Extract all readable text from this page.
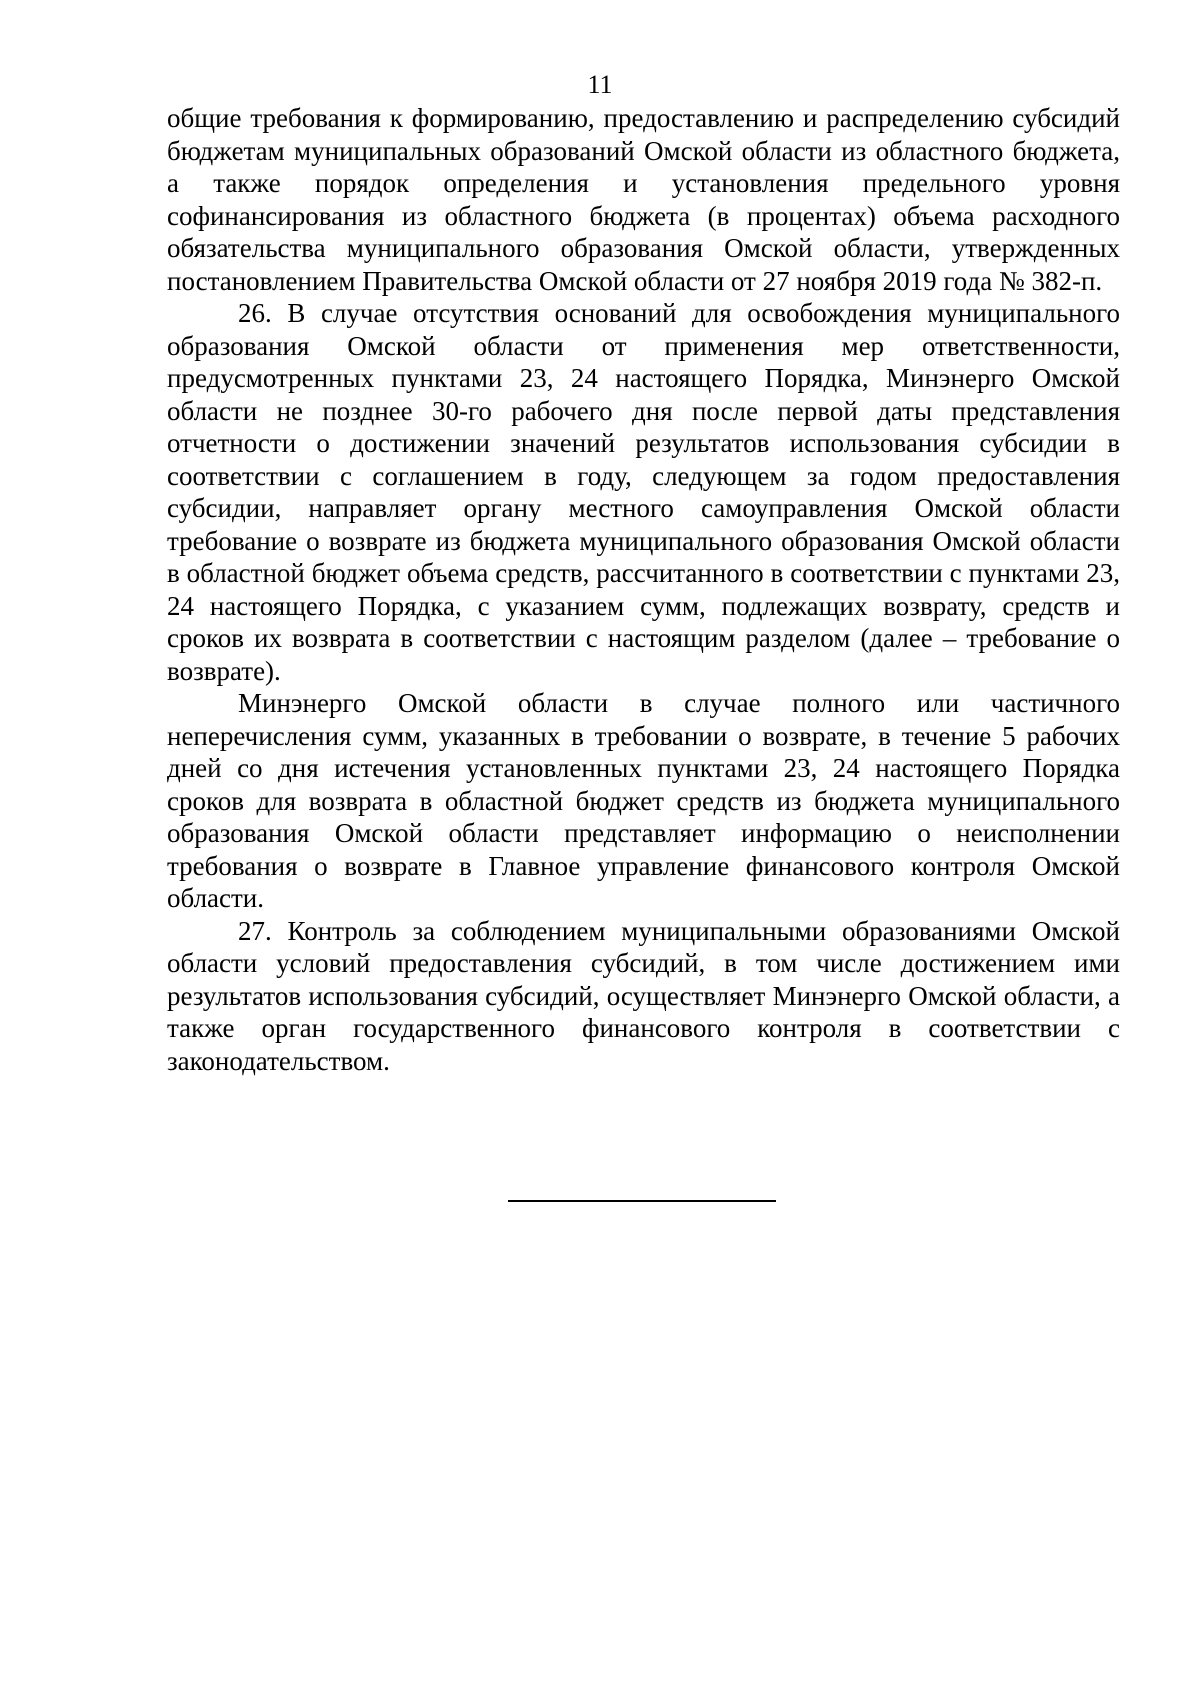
11

общие требования к формированию, предоставлению и распределению субсидий бюджетам муниципальных образований Омской области из областного бюджета, а также порядок определения и установления предельного уровня софинансирования из областного бюджета (в процентах) объема расходного обязательства муниципального образования Омской области, утвержденных постановлением Правительства Омской области от 27 ноября 2019 года № 382-п.

26. В случае отсутствия оснований для освобождения муниципального образования Омской области от применения мер ответственности, предусмотренных пунктами 23, 24 настоящего Порядка, Минэнерго Омской области не позднее 30-го рабочего дня после первой даты представления отчетности о достижении значений результатов использования субсидии в соответствии с соглашением в году, следующем за годом предоставления субсидии, направляет органу местного самоуправления Омской области требование о возврате из бюджета муниципального образования Омской области в областной бюджет объема средств, рассчитанного в соответствии с пунктами 23, 24 настоящего Порядка, с указанием сумм, подлежащих возврату, средств и сроков их возврата в соответствии с настоящим разделом (далее – требование о возврате).

Минэнерго Омской области в случае полного или частичного неперечисления сумм, указанных в требовании о возврате, в течение 5 рабочих дней со дня истечения установленных пунктами 23, 24 настоящего Порядка сроков для возврата в областной бюджет средств из бюджета муниципального образования Омской области представляет информацию о неисполнении требования о возврате в Главное управление финансового контроля Омской области.

27. Контроль за соблюдением муниципальными образованиями Омской области условий предоставления субсидий, в том числе достижением ими результатов использования субсидий, осуществляет Минэнерго Омской области, а также орган государственного финансового контроля в соответствии с законодательством.
